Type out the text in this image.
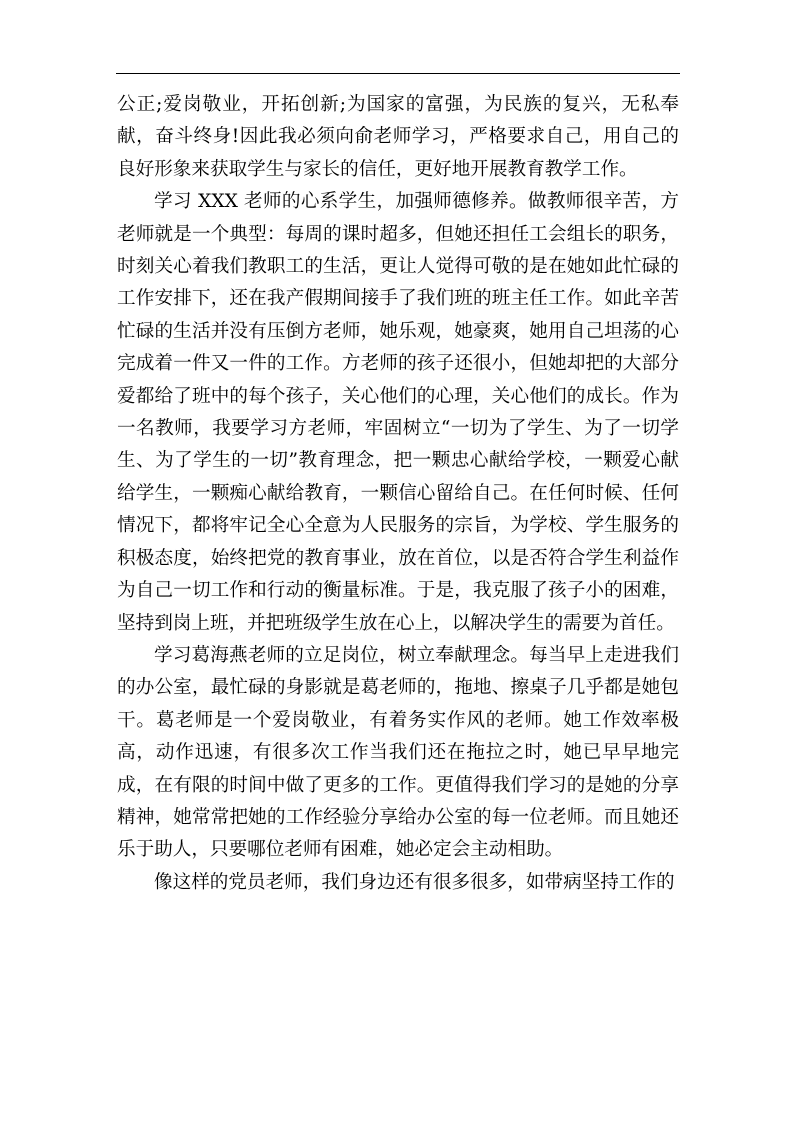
公正;爱岗敬业，开拓创新;为国家的富强，为民族的复兴，无私奉献，奋斗终身!因此我必须向俞老师学习，严格要求自己，用自己的良好形象来获取学生与家长的信任，更好地开展教育教学工作。

学习 XXX 老师的心系学生，加强师德修养。做教师很辛苦，方老师就是一个典型：每周的课时超多，但她还担任工会组长的职务，时刻关心着我们教职工的生活，更让人觉得可敬的是在她如此忙碌的工作安排下，还在我产假期间接手了我们班的班主任工作。如此辛苦忙碌的生活并没有压倒方老师，她乐观，她豪爽，她用自己坦荡的心完成着一件又一件的工作。方老师的孩子还很小，但她却把的大部分爱都给了班中的每个孩子，关心他们的心理，关心他们的成长。作为一名教师，我要学习方老师，牢固树立“一切为了学生、为了一切学生、为了学生的一切”教育理念，把一颗忠心献给学校，一颗爱心献给学生，一颗痴心献给教育，一颗信心留给自己。在任何时候、任何情况下，都将牢记全心全意为人民服务的宗旨，为学校、学生服务的积极态度，始终把党的教育事业，放在首位，以是否符合学生利益作为自己一切工作和行动的衡量标准。于是，我克服了孩子小的困难，坚持到岗上班，并把班级学生放在心上，以解决学生的需要为首任。

学习葛海燕老师的立足岗位，树立奉献理念。每当早上走进我们的办公室，最忙碌的身影就是葛老师的，拖地、擦桌子几乎都是她包干。葛老师是一个爱岗敬业，有着务实作风的老师。她工作效率极高，动作迅速，有很多次工作当我们还在拖拉之时，她已早早地完成，在有限的时间中做了更多的工作。更值得我们学习的是她的分享精神，她常常把她的工作经验分享给办公室的每一位老师。而且她还乐于助人，只要哪位老师有困难，她必定会主动相助。

像这样的党员老师，我们身边还有很多很多，如带病坚持工作的
